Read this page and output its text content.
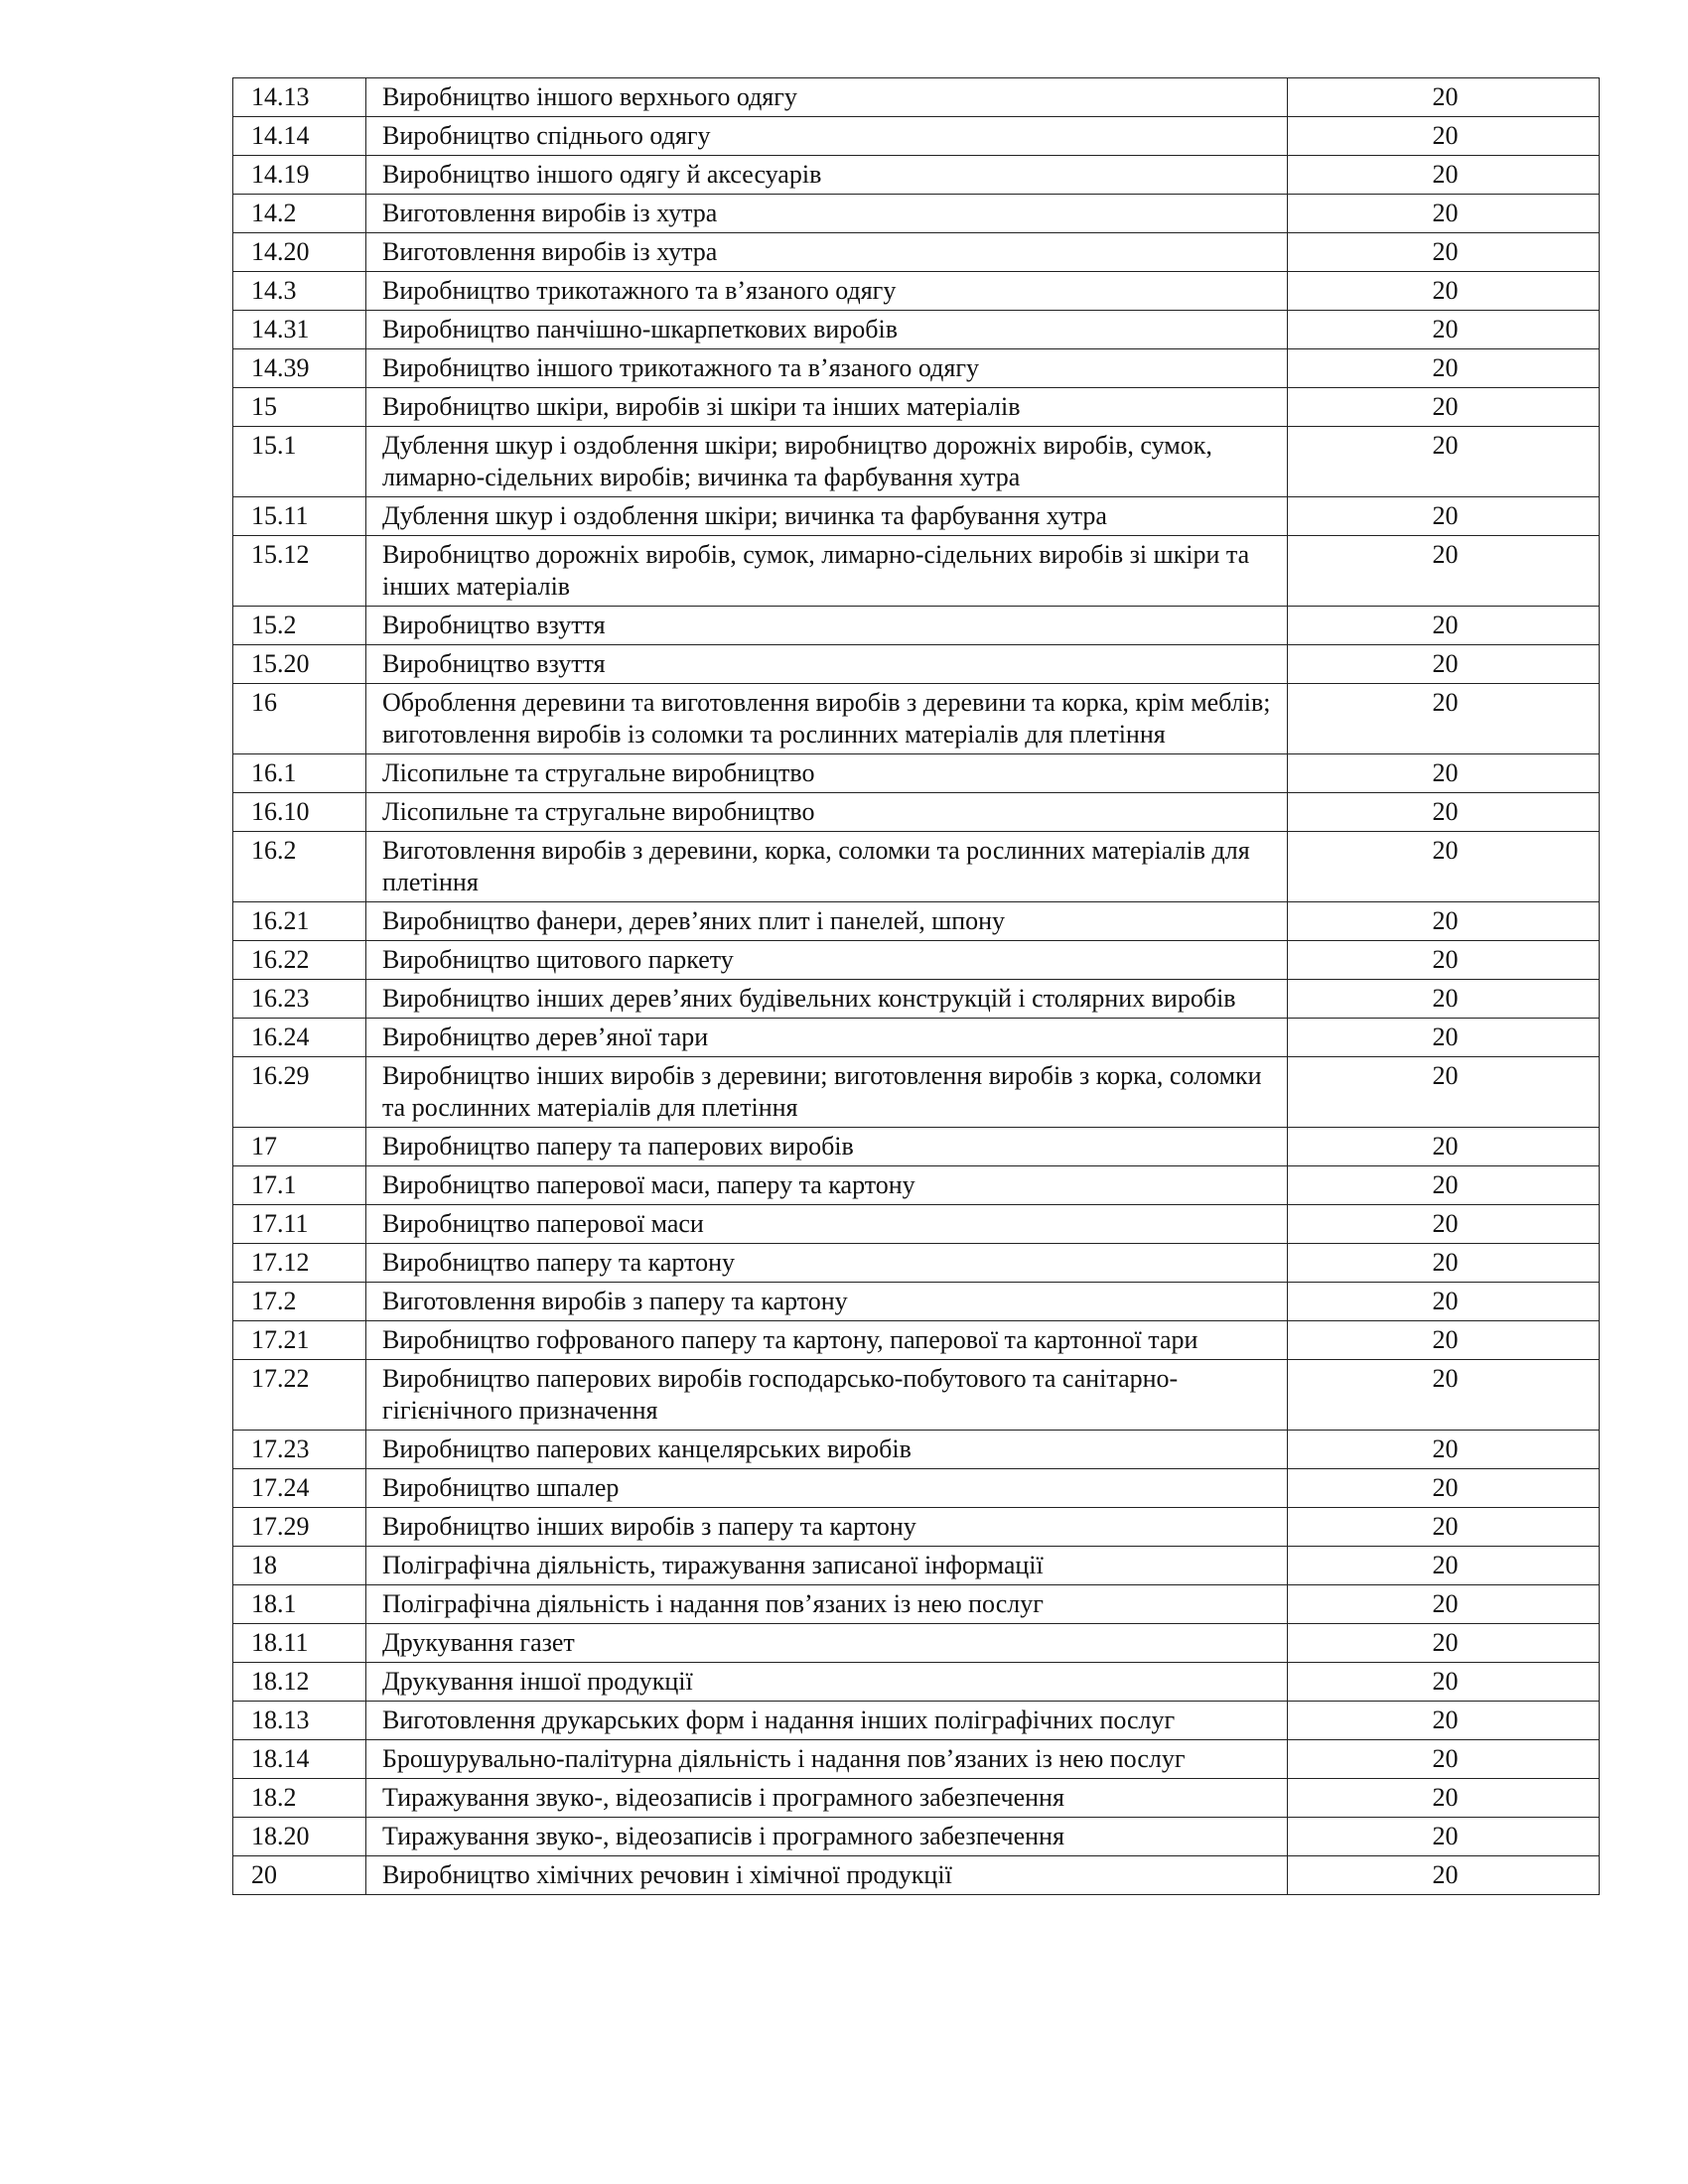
14.13	Виробництво іншого верхнього одягу	20
14.14	Виробництво спіднього одягу	20
14.19	Виробництво іншого одягу й аксесуарів	20
14.2	Виготовлення виробів із хутра	20
14.20	Виготовлення виробів із хутра	20
14.3	Виробництво трикотажного та в’язаного одягу	20
14.31	Виробництво панчішно-шкарпеткових виробів	20
14.39	Виробництво іншого трикотажного та в’язаного одягу	20
15	Виробництво шкіри, виробів зі шкіри та інших матеріалів	20
15.1	Дублення шкур і оздоблення шкіри; виробництво дорожніх виробів, сумок, лимарно-сідельних виробів; вичинка та фарбування хутра	20
15.11	Дублення шкур і оздоблення шкіри; вичинка та фарбування хутра	20
15.12	Виробництво дорожніх виробів, сумок, лимарно-сідельних виробів зі шкіри та інших матеріалів	20
15.2	Виробництво взуття	20
15.20	Виробництво взуття	20
16	Оброблення деревини та виготовлення виробів з деревини та корка, крім меблів; виготовлення виробів із соломки та рослинних матеріалів для плетіння	20
16.1	Лісопильне та стругальне виробництво	20
16.10	Лісопильне та стругальне виробництво	20
16.2	Виготовлення виробів з деревини, корка, соломки та рослинних матеріалів для плетіння	20
16.21	Виробництво фанери, дерев’яних плит і панелей, шпону	20
16.22	Виробництво щитового паркету	20
16.23	Виробництво інших дерев’яних будівельних конструкцій і столярних виробів	20
16.24	Виробництво дерев’яної тари	20
16.29	Виробництво інших виробів з деревини; виготовлення виробів з корка, соломки та рослинних матеріалів для плетіння	20
17	Виробництво паперу та паперових виробів	20
17.1	Виробництво паперової маси, паперу та картону	20
17.11	Виробництво паперової маси	20
17.12	Виробництво паперу та картону	20
17.2	Виготовлення виробів з паперу та картону	20
17.21	Виробництво гофрованого паперу та картону, паперової та картонної тари	20
17.22	Виробництво паперових виробів господарсько-побутового та санітарно-гігієнічного призначення	20
17.23	Виробництво паперових канцелярських виробів	20
17.24	Виробництво шпалер	20
17.29	Виробництво інших виробів з паперу та картону	20
18	Поліграфічна діяльність, тиражування записаної інформації	20
18.1	Поліграфічна діяльність і надання пов’язаних із нею послуг	20
18.11	Друкування газет	20
18.12	Друкування іншої продукції	20
18.13	Виготовлення друкарських форм і надання інших поліграфічних послуг	20
18.14	Брошурувально-палітурна діяльність і надання пов’язаних із нею послуг	20
18.2	Тиражування звуко-, відеозаписів і програмного забезпечення	20
18.20	Тиражування звуко-, відеозаписів і програмного забезпечення	20
20	Виробництво хімічних речовин і хімічної продукції	20
